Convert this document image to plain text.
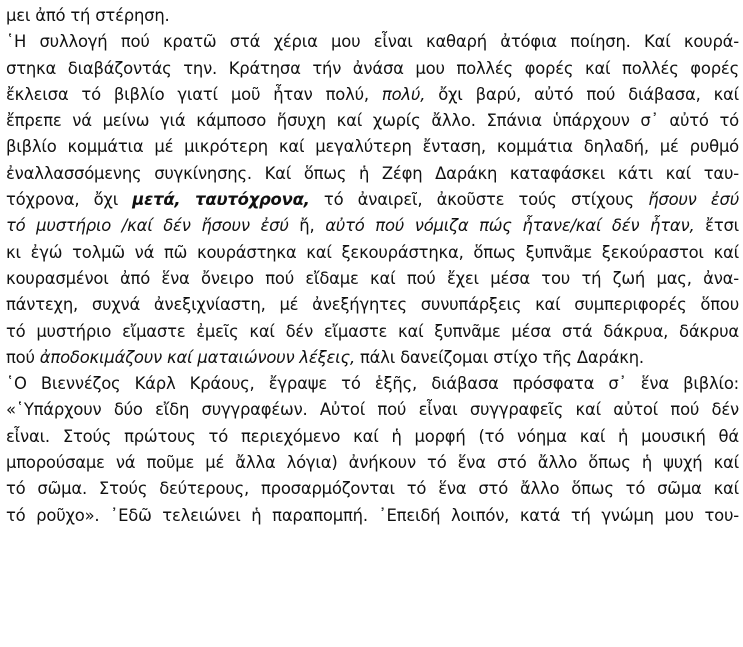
μει ἀπό τή στέρηση.
῾Η συλλογή πού κρατῶ στά χέρια μου εἶναι καθαρή ἀτόφια ποίηση. Καί κουρά-
στηκα διαβάζοντάς την. Κράτησα τήν ἀνάσα μου πολλές φορές καί πολλές φορές
ἔκλεισα τό βιβλίο γιατί μοῦ ἦταν πολύ, πολύ, ὄχι βαρύ, αὐτό πού διάβασα, καί
ἔπρεπε νά μείνω γιά κάμποσο ἥσυχη καί χωρίς ἄλλο. Σπάνια ὑπάρχουν σ᾽ αὐτό τό
βιβλίο κομμάτια μέ μικρότερη καί μεγαλύτερη ἔνταση, κομμάτια δηλαδή, μέ ρυθμό
ἐναλλασσόμενης συγκίνησης. Καί ὅπως ἡ Ζέφη Δαράκη καταφάσκει κάτι καί ταυ-
τόχρονα, ὄχι μετά, ταυτόχρονα, τό ἀναιρεῖ, ἀκοῦστε τούς στίχους ἤσουν ἐσύ
τό μυστήριο /καί δέν ἤσουν ἐσύ ἤ, αὐτό πού νόμιζα πώς ἦτανε/καί δέν ἦταν, ἔτσι
κι ἐγώ τολμῶ νά πῶ κουράστηκα καί ξεκουράστηκα, ὅπως ξυπνᾶμε ξεκούραστοι καί
κουρασμένοι ἀπό ἕνα ὄνειρο πού εἴδαμε καί πού ἔχει μέσα του τή ζωή μας, ἀνα-
πάντεχη, συχνά ἀνεξιχνίαστη, μέ ἀνεξήγητες συνυπάρξεις καί συμπεριφορές ὅπου
τό μυστήριο εἴμαστε ἐμεῖς καί δέν εἴμαστε καί ξυπνᾶμε μέσα στά δάκρυα, δάκρυα
πού ἀποδοκιμάζουν καί ματαιώνουν λέξεις, πάλι δανείζομαι στίχο τῆς Δαράκη.
῾Ο Βιεννέζος Κάρλ Κράους, ἔγραψε τό ἑξῆς, διάβασα πρόσφατα σ᾽ ἕνα βιβλίο:
«῾Υπάρχουν δύο εἴδη συγγραφέων. Αὐτοί πού εἶναι συγγραφεῖς καί αὐτοί πού δέν
εἶναι. Στούς πρώτους τό περιεχόμενο καί ἡ μορφή (τό νόημα καί ἡ μουσική θά
μπορούσαμε νά ποῦμε μέ ἄλλα λόγια) ἀνήκουν τό ἕνα στό ἄλλο ὅπως ἡ ψυχή καί
τό σῶμα. Στούς δεύτερους, προσαρμόζονται τό ἕνα στό ἄλλο ὅπως τό σῶμα καί
τό ροῦχο». ᾿Εδῶ τελειώνει ἡ παραπομπή. ᾿Επειδή λοιπόν, κατά τή γνώμη μου του-
